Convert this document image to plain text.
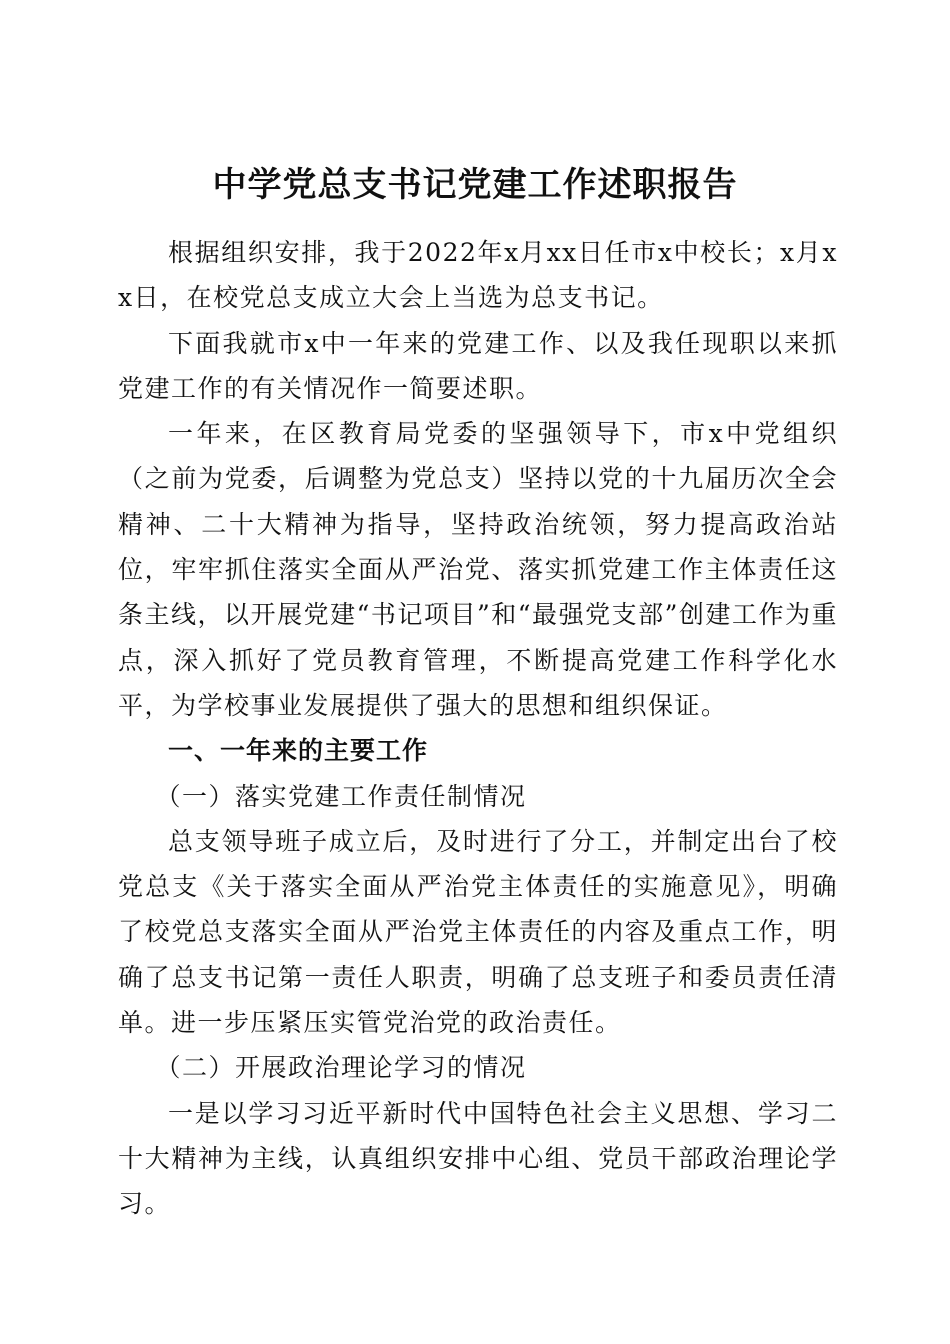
中学党总支书记党建工作述职报告

根据组织安排，我于2022年x月xx日任市x中校长；x月xx日，在校党总支成立大会上当选为总支书记。

下面我就市x中一年来的党建工作、以及我任现职以来抓党建工作的有关情况作一简要述职。

一年来，在区教育局党委的坚强领导下，市x中党组织（之前为党委，后调整为党总支）坚持以党的十九届历次全会精神、二十大精神为指导，坚持政治统领，努力提高政治站位，牢牢抓住落实全面从严治党、落实抓党建工作主体责任这条主线，以开展党建“书记项目”和“最强党支部”创建工作为重点，深入抓好了党员教育管理，不断提高党建工作科学化水平，为学校事业发展提供了强大的思想和组织保证。

一、一年来的主要工作
（一）落实党建工作责任制情况

总支领导班子成立后，及时进行了分工，并制定出台了校党总支《关于落实全面从严治党主体责任的实施意见》，明确了校党总支落实全面从严治党主体责任的内容及重点工作，明确了总支书记第一责任人职责，明确了总支班子和委员责任清单。进一步压紧压实管党治党的政治责任。

（二）开展政治理论学习的情况

一是以学习习近平新时代中国特色社会主义思想、学习二十大精神为主线，认真组织安排中心组、党员干部政治理论学习。
